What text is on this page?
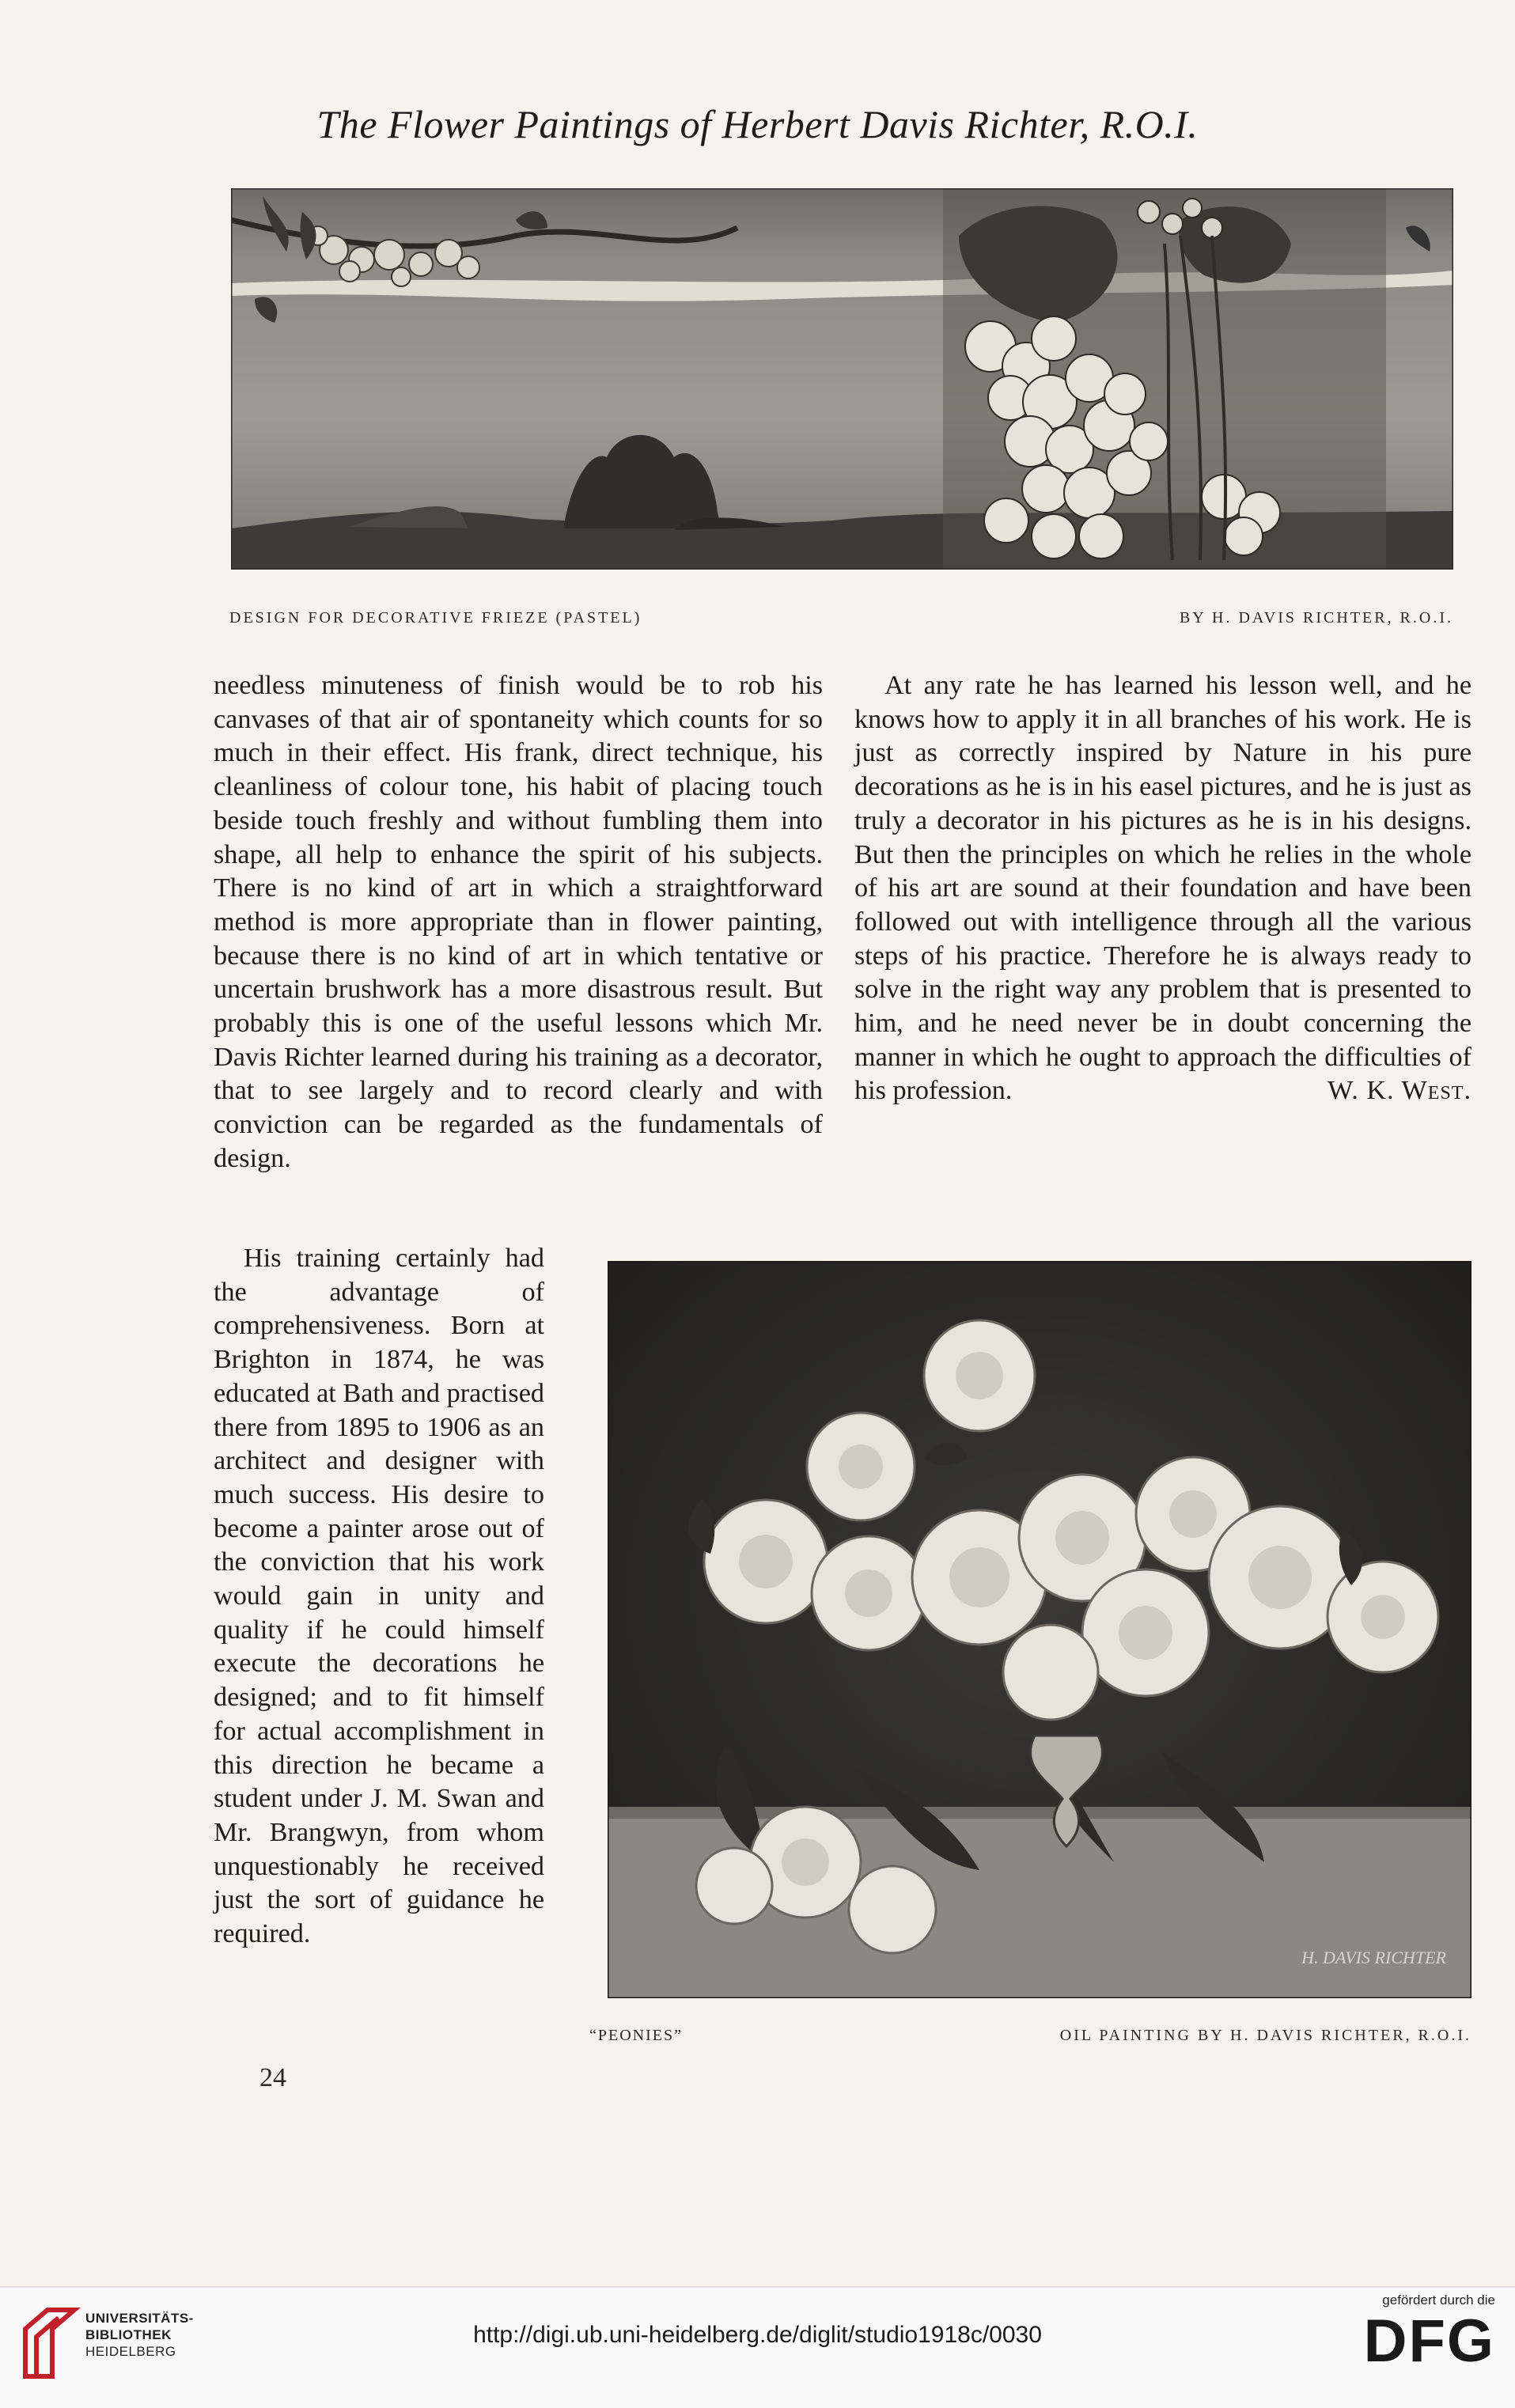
The Flower Paintings of Herbert Davis Richter, R.O.I.
DESIGN FOR DECORATIVE FRIEZE (PASTEL)	BY H. DAVIS RICHTER, R.O.I.

needless minuteness of finish would be to rob his canvases of that air of spontaneity which counts for so much in their effect. His frank, direct technique, his cleanliness of colour tone, his habit of placing touch beside touch freshly and without fumbling them into shape, all help to enhance the spirit of his subjects. There is no kind of art in which a straightforward method is more appropriate than in flower painting, because there is no kind of art in which tentative or uncertain brushwork has a more disastrous result. But probably this is one of the useful lessons which Mr. Davis Richter learned during his training as a decorator, that to see largely and to record clearly and with conviction can be regarded as the fundamentals of design.

His training certainly had the advantage of comprehensiveness. Born at Brighton in 1874, he was educated at Bath and practised there from 1895 to 1906 as an architect and designer with much success. His desire to become a painter arose out of the conviction that his work would gain in unity and quality if he could himself execute the decorations he designed; and to fit himself for actual accomplishment in this direction he became a student under J. M. Swan and Mr. Brangwyn, from whom unquestionably he received just the sort of guidance he required.

At any rate he has learned his lesson well, and he knows how to apply it in all branches of his work. He is just as correctly inspired by Nature in his pure decorations as he is in his easel pictures, and he is just as truly a decorator in his pictures as he is in his designs. But then the principles on which he relies in the whole of his art are sound at their foundation and have been followed out with intelligence through all the various steps of his practice. Therefore he is always ready to solve in the right way any problem that is presented to him, and he need never be in doubt concerning the manner in which he ought to approach the difficulties of his profession.	W. K. West.

H. DAVIS RICHTER
“PEONIES”	OIL PAINTING BY H. DAVIS RICHTER, R.O.I.
24
UNIVERSITÄTS-
BIBLIOTHEK
HEIDELBERG
http://digi.ub.uni-heidelberg.de/diglit/studio1918c/0030
gefördert durch die
DFG
